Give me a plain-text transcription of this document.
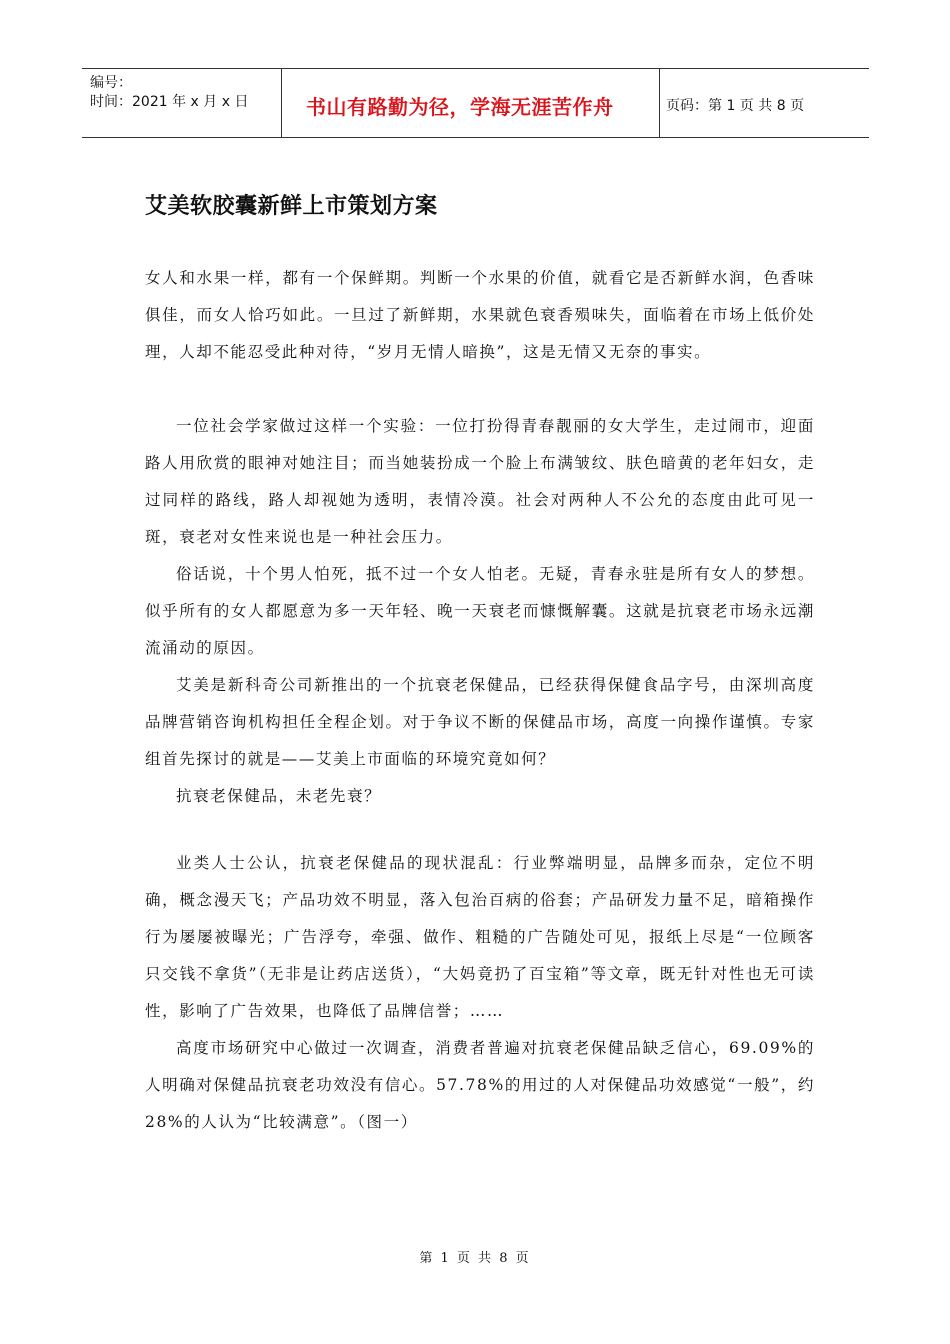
编号：
时间：2021 年 x 月 x 日	书山有路勤为径，学海无涯苦作舟	页码：第 1 页 共 8 页
艾美软胶囊新鲜上市策划方案

女人和水果一样，都有一个保鲜期。判断一个水果的价值，就看它是否新鲜水润，色香味俱佳，而女人恰巧如此。一旦过了新鲜期，水果就色衰香殒味失，面临着在市场上低价处理，人却不能忍受此种对待，“岁月无情人暗换”，这是无情又无奈的事实。

一位社会学家做过这样一个实验：一位打扮得青春靓丽的女大学生，走过闹市，迎面路人用欣赏的眼神对她注目；而当她装扮成一个脸上布满皱纹、肤色暗黄的老年妇女，走过同样的路线，路人却视她为透明，表情冷漠。社会对两种人不公允的态度由此可见一斑，衰老对女性来说也是一种社会压力。

俗话说，十个男人怕死，抵不过一个女人怕老。无疑，青春永驻是所有女人的梦想。似乎所有的女人都愿意为多一天年轻、晚一天衰老而慷慨解囊。这就是抗衰老市场永远潮流涌动的原因。

艾美是新科奇公司新推出的一个抗衰老保健品，已经获得保健食品字号，由深圳高度品牌营销咨询机构担任全程企划。对于争议不断的保健品市场，高度一向操作谨慎。专家组首先探讨的就是——艾美上市面临的环境究竟如何？

抗衰老保健品，未老先衰？

业类人士公认，抗衰老保健品的现状混乱：行业弊端明显，品牌多而杂，定位不明确，概念漫天飞；产品功效不明显，落入包治百病的俗套；产品研发力量不足，暗箱操作行为屡屡被曝光；广告浮夸，牵强、做作、粗糙的广告随处可见，报纸上尽是“一位顾客只交钱不拿货”（无非是让药店送货），“大妈竟扔了百宝箱”等文章，既无针对性也无可读性，影响了广告效果，也降低了品牌信誉；……

高度市场研究中心做过一次调查，消费者普遍对抗衰老保健品缺乏信心，69.09%的人明确对保健品抗衰老功效没有信心。57.78%的用过的人对保健品功效感觉“一般”，约 28%的人认为“比较满意”。（图一）

第 1 页 共 8 页
